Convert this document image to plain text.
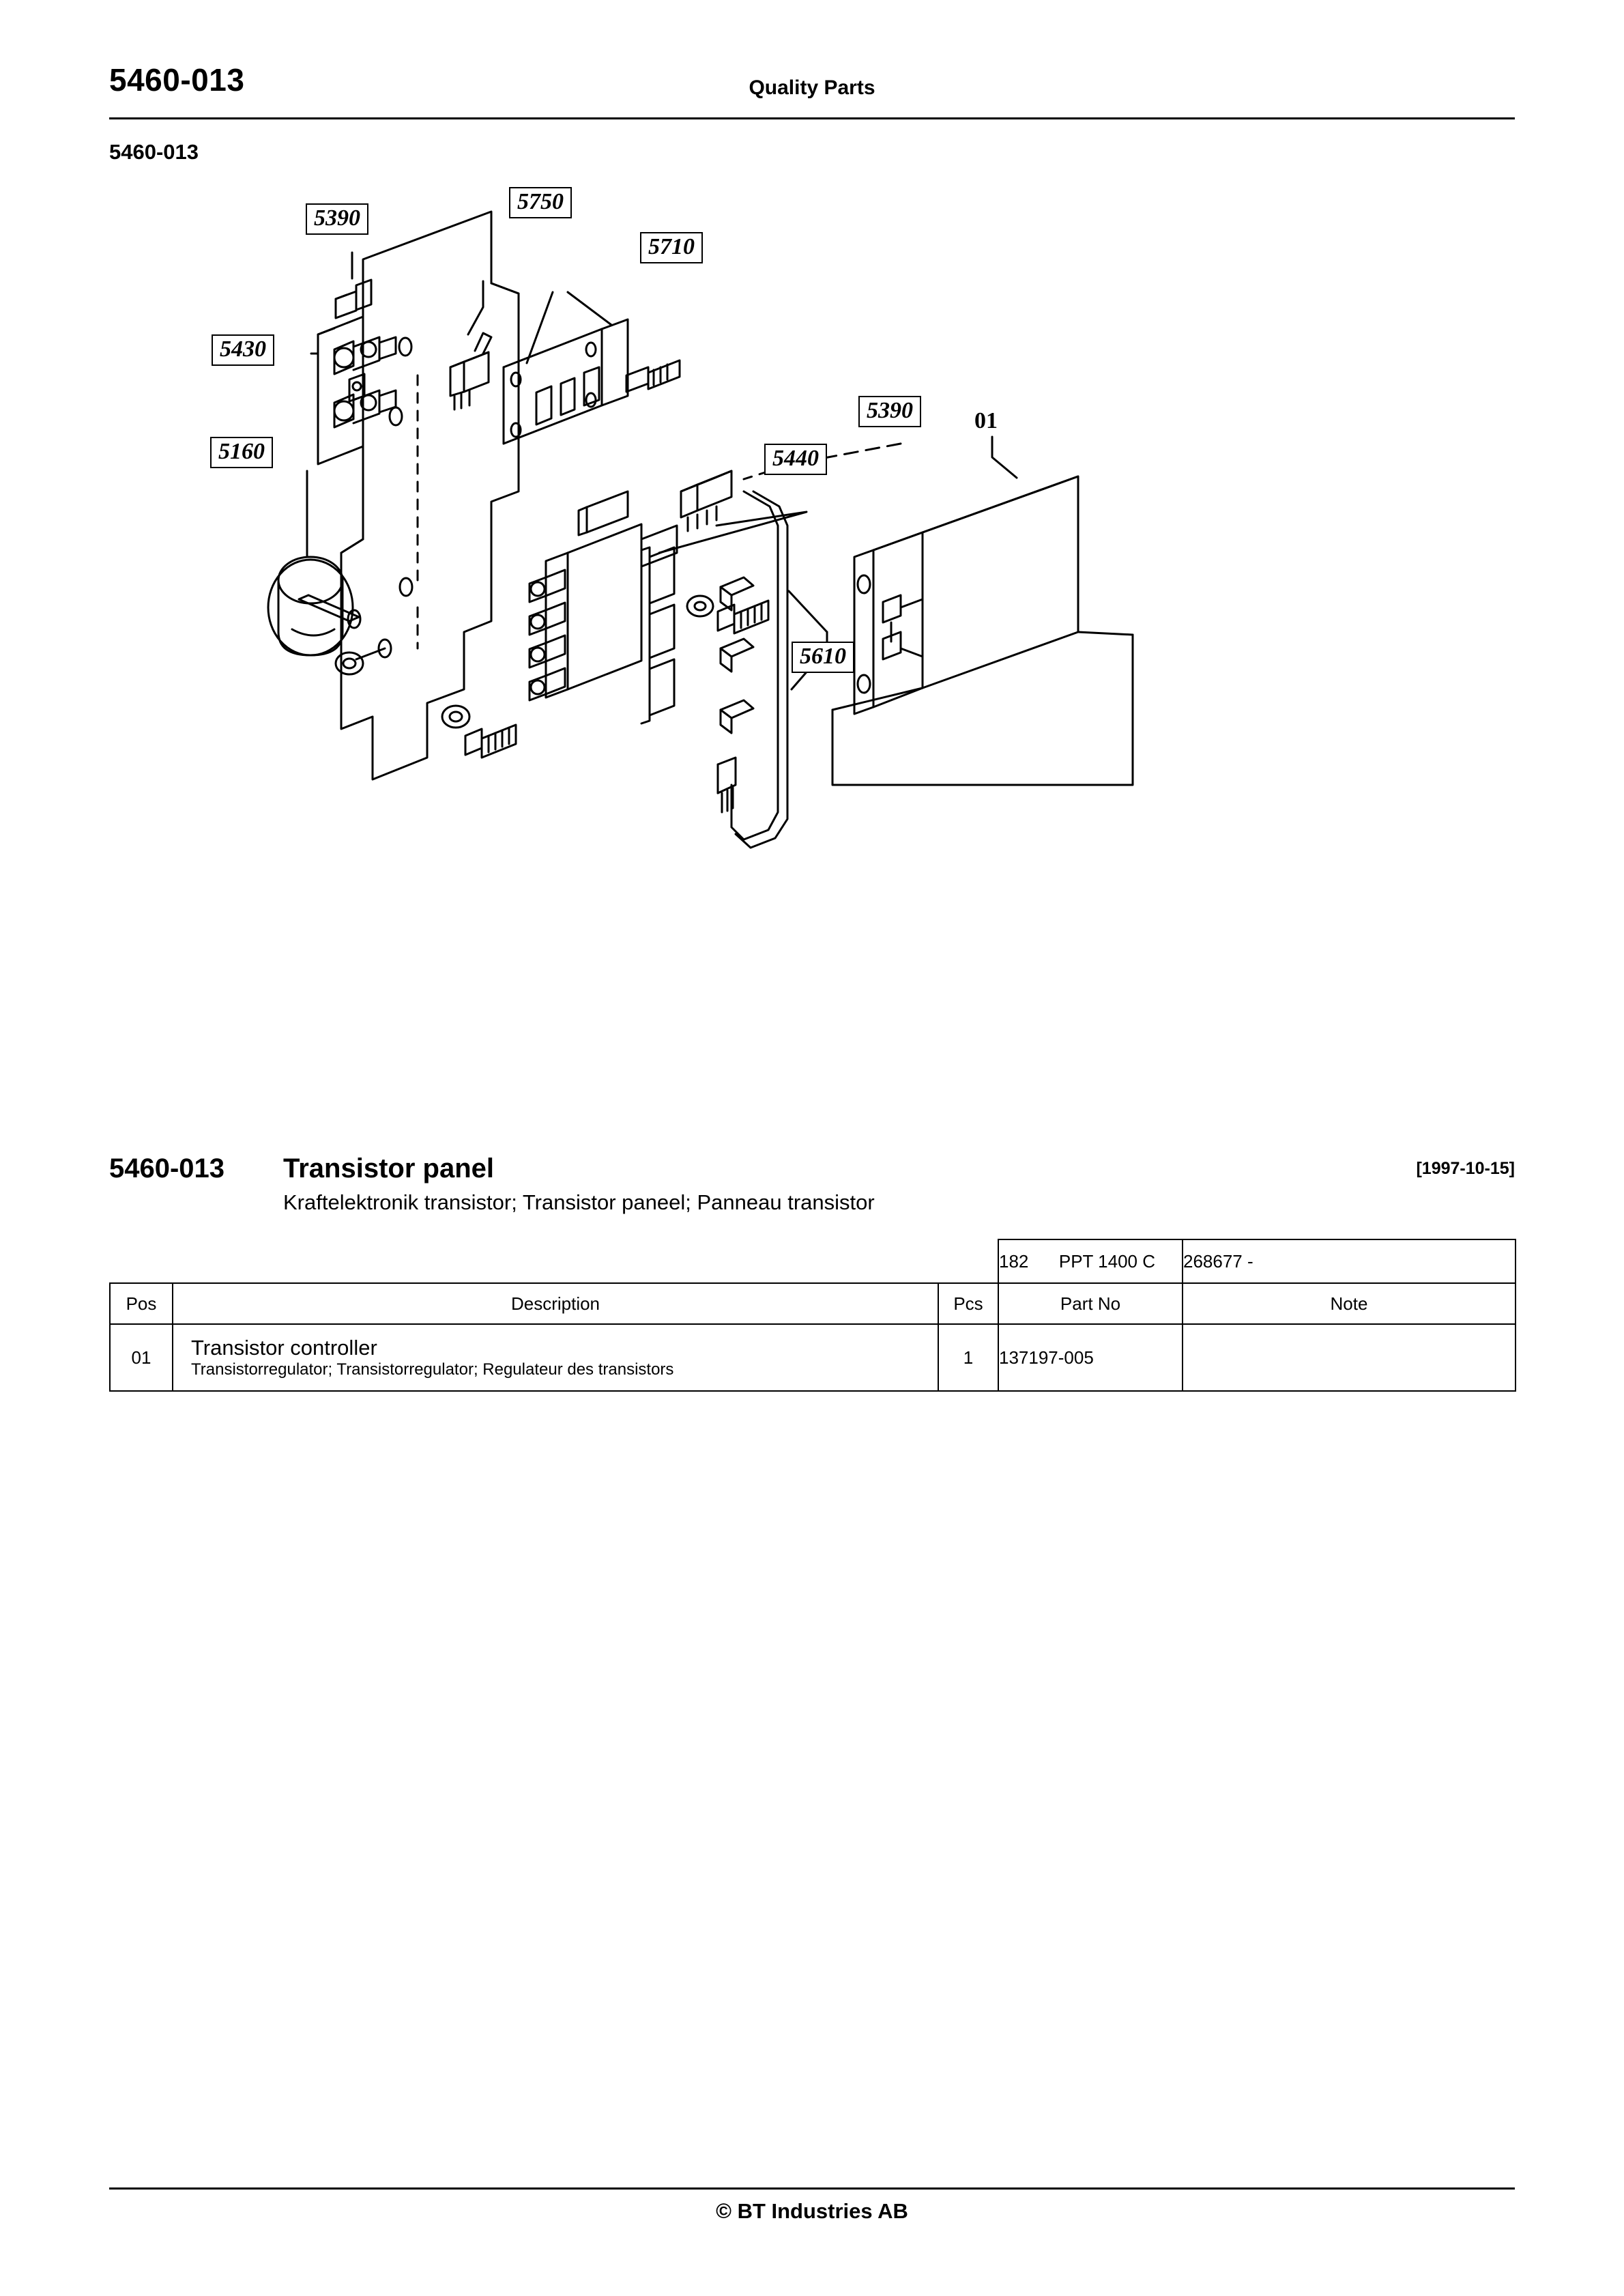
5460-013	Quality Parts
5460-013
5390
5750
5710
5430
5390
5160	5440
5610
01
5460-013 Transistor panel	[1997-10-15]
Kraftelektronik transistor; Transistor paneel; Panneau transistor
			182 PPT 1400 C	268677 -
Pos	Description	Pcs	Part No	Note
01	Transistor controller
Transistorregulator; Transistorregulator; Regulateur des transistors	1	137197-005	
© BT Industries AB
